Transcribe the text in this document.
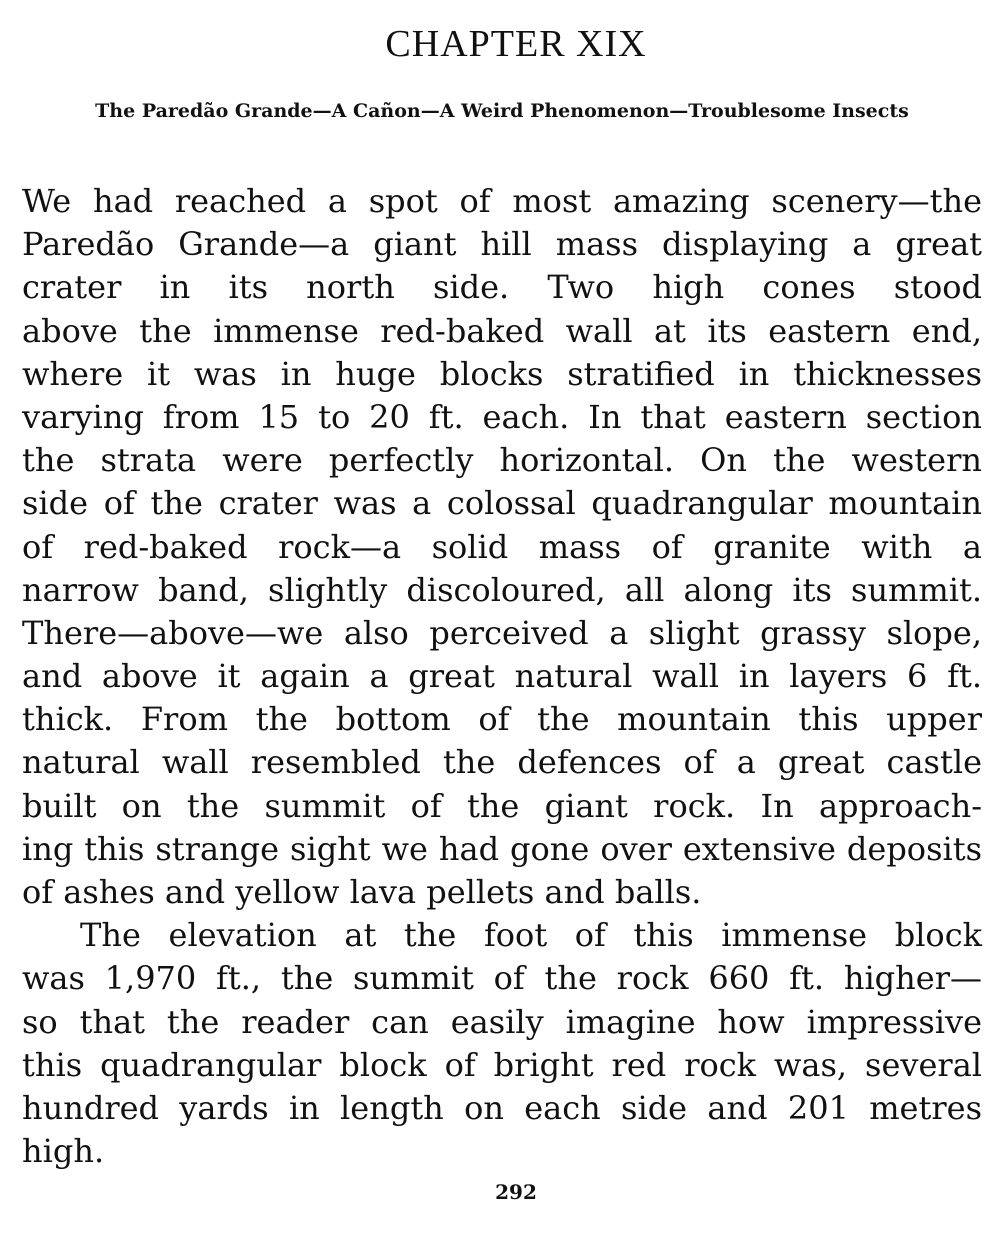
CHAPTER XIX

The Paredão Grande—A Cañon—A Weird Phenomenon—Troublesome Insects

We had reached a spot of most amazing scenery—the
Paredão Grande—a giant hill mass displaying a great
crater in its north side. Two high cones stood
above the immense red-baked wall at its eastern end,
where it was in huge blocks stratified in thicknesses
varying from 15 to 20 ft. each. In that eastern section
the strata were perfectly horizontal. On the western
side of the crater was a colossal quadrangular mountain
of red-baked rock—a solid mass of granite with a
narrow band, slightly discoloured, all along its summit.
There—above—we also perceived a slight grassy slope,
and above it again a great natural wall in layers 6 ft.
thick. From the bottom of the mountain this upper
natural wall resembled the defences of a great castle
built on the summit of the giant rock. In approach-
ing this strange sight we had gone over extensive deposits
of ashes and yellow lava pellets and balls.
The elevation at the foot of this immense block
was 1,970 ft., the summit of the rock 660 ft. higher—
so that the reader can easily imagine how impressive
this quadrangular block of bright red rock was, several
hundred yards in length on each side and 201 metres
high.
292
